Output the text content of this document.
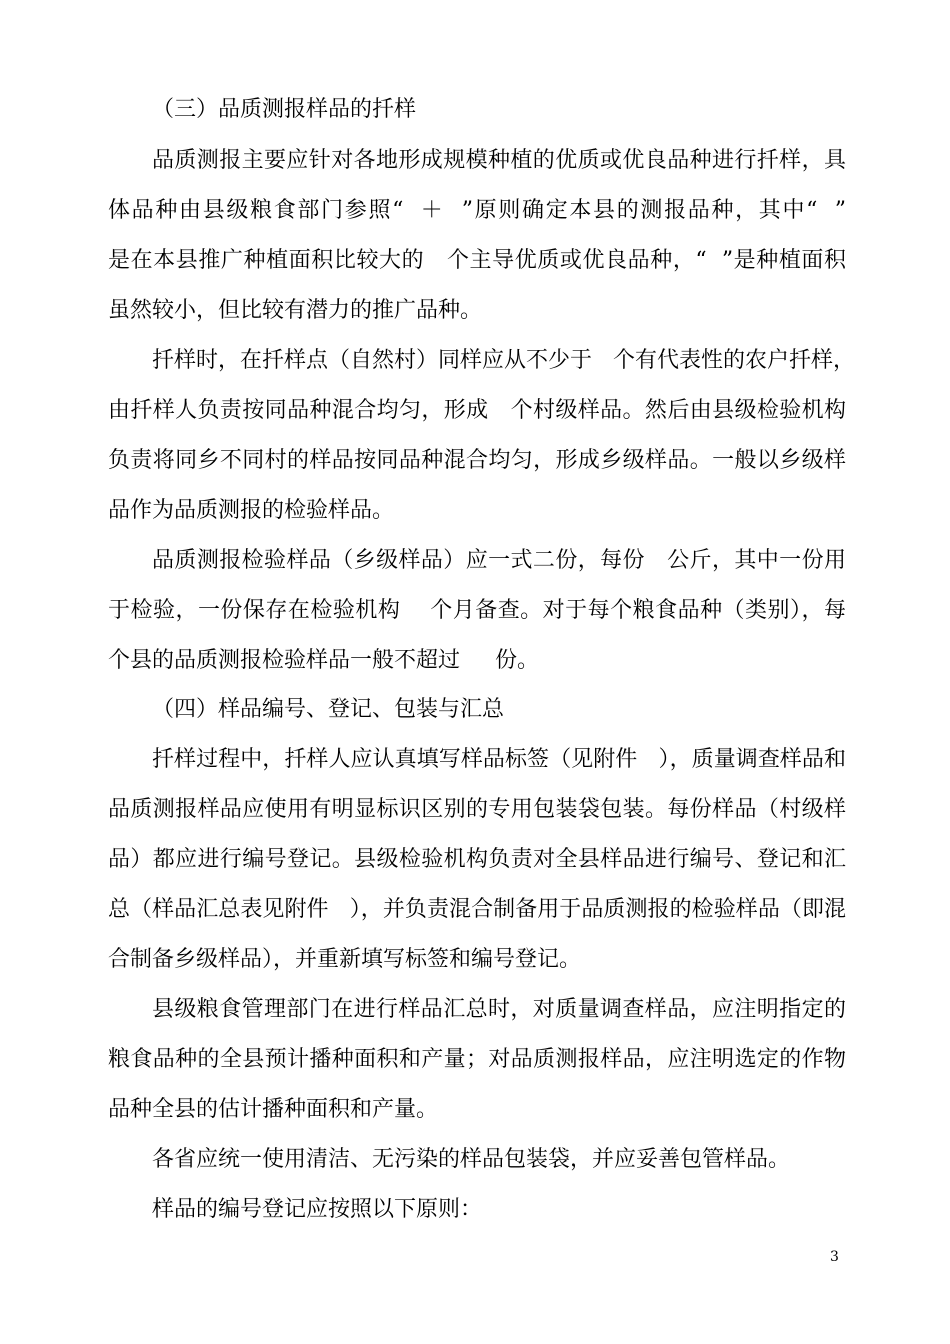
（三）品质测报样品的扦样
品质测报主要应针对各地形成规模种植的优质或优良品种进行扦样，具
体品种由县级粮食部门参照“  ＋  ”原则确定本县的测报品种，其中“  ”
是在本县推广种植面积比较大的   个主导优质或优良品种，“  ”是种植面积
虽然较小，但比较有潜力的推广品种。
扦样时，在扦样点（自然村）同样应从不少于   个有代表性的农户扦样，
由扦样人负责按同品种混合均匀，形成   个村级样品。然后由县级检验机构
负责将同乡不同村的样品按同品种混合均匀，形成乡级样品。一般以乡级样
品作为品质测报的检验样品。
品质测报检验样品（乡级样品）应一式二份，每份   公斤，其中一份用
于检验，一份保存在检验机构    个月备查。对于每个粮食品种（类别），每
个县的品质测报检验样品一般不超过     份。
（四）样品编号、登记、包装与汇总
扦样过程中，扦样人应认真填写样品标签（见附件   ），质量调查样品和
品质测报样品应使用有明显标识区别的专用包装袋包装。每份样品（村级样
品）都应进行编号登记。县级检验机构负责对全县样品进行编号、登记和汇
总（样品汇总表见附件   ），并负责混合制备用于品质测报的检验样品（即混
合制备乡级样品），并重新填写标签和编号登记。
县级粮食管理部门在进行样品汇总时，对质量调查样品，应注明指定的
粮食品种的全县预计播种面积和产量；对品质测报样品，应注明选定的作物
品种全县的估计播种面积和产量。
各省应统一使用清洁、无污染的样品包装袋，并应妥善包管样品。
样品的编号登记应按照以下原则：
3
